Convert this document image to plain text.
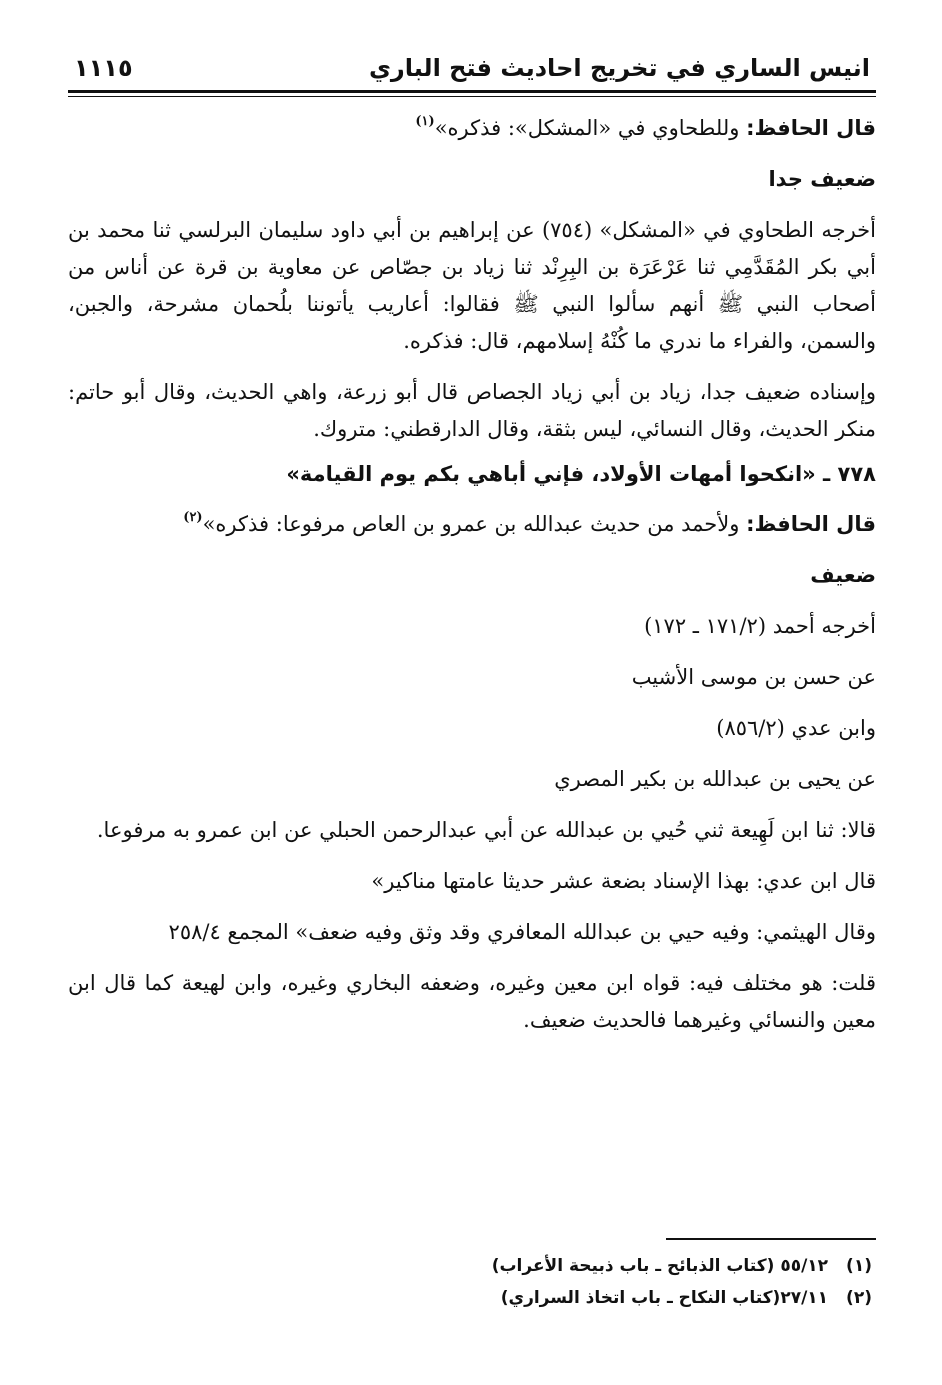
انيس الساري في تخريج احاديث فتح الباري
١١١٥

قال الحافظ: وللطحاوي في «المشكل»: فذكره»$^{(١)}$

ضعيف جدا

أخرجه الطحاوي في «المشكل» (٧٥٤) عن إبراهيم بن أبي داود سليمان البرلسي ثنا محمد بن أبي بكر المُقَدَّمِي ثنا عَرْعَرَة بن البِرِنْد ثنا زياد بن جصّاص عن معاوية بن قرة عن أناس من أصحاب النبي ﷺ أنهم سألوا النبي ﷺ فقالوا: أعاريب يأتوننا بلُحمان مشرحة، والجبن، والسمن، والفراء ما ندري ما كُنْهُ إسلامهم، قال: فذكره.

وإسناده ضعيف جدا، زياد بن أبي زياد الجصاص قال أبو زرعة، واهي الحديث، وقال أبو حاتم: منكر الحديث، وقال النسائي، ليس بثقة، وقال الدارقطني: متروك.

٧٧٨ ـ «انكحوا أمهات الأولاد، فإني أباهي بكم يوم القيامة»

قال الحافظ: ولأحمد من حديث عبدالله بن عمرو بن العاص مرفوعا: فذكره»$^{(٢)}$

ضعيف

أخرجه أحمد (١٧١/٢ ـ ١٧٢)

عن حسن بن موسى الأشيب

وابن عدي (٨٥٦/٢)

عن يحيى بن عبدالله بن بكير المصري

قالا: ثنا ابن لَهِيعة ثني حُيي بن عبدالله عن أبي عبدالرحمن الحبلي عن ابن عمرو به مرفوعا.

قال ابن عدي: بهذا الإسناد بضعة عشر حديثا عامتها مناكير»

وقال الهيثمي: وفيه حيي بن عبدالله المعافري وقد وثق وفيه ضعف» المجمع ٢٥٨/٤

قلت: هو مختلف فيه: قواه ابن معين وغيره، وضعفه البخاري وغيره، وابن لهيعة كما قال ابن معين والنسائي وغيرهما فالحديث ضعيف.

(١)
٥٥/١٢ (كتاب الذبائح ـ باب ذبيحة الأعراب)
(٢)
٢٧/١١(كتاب النكاح ـ باب اتخاذ السراري)
